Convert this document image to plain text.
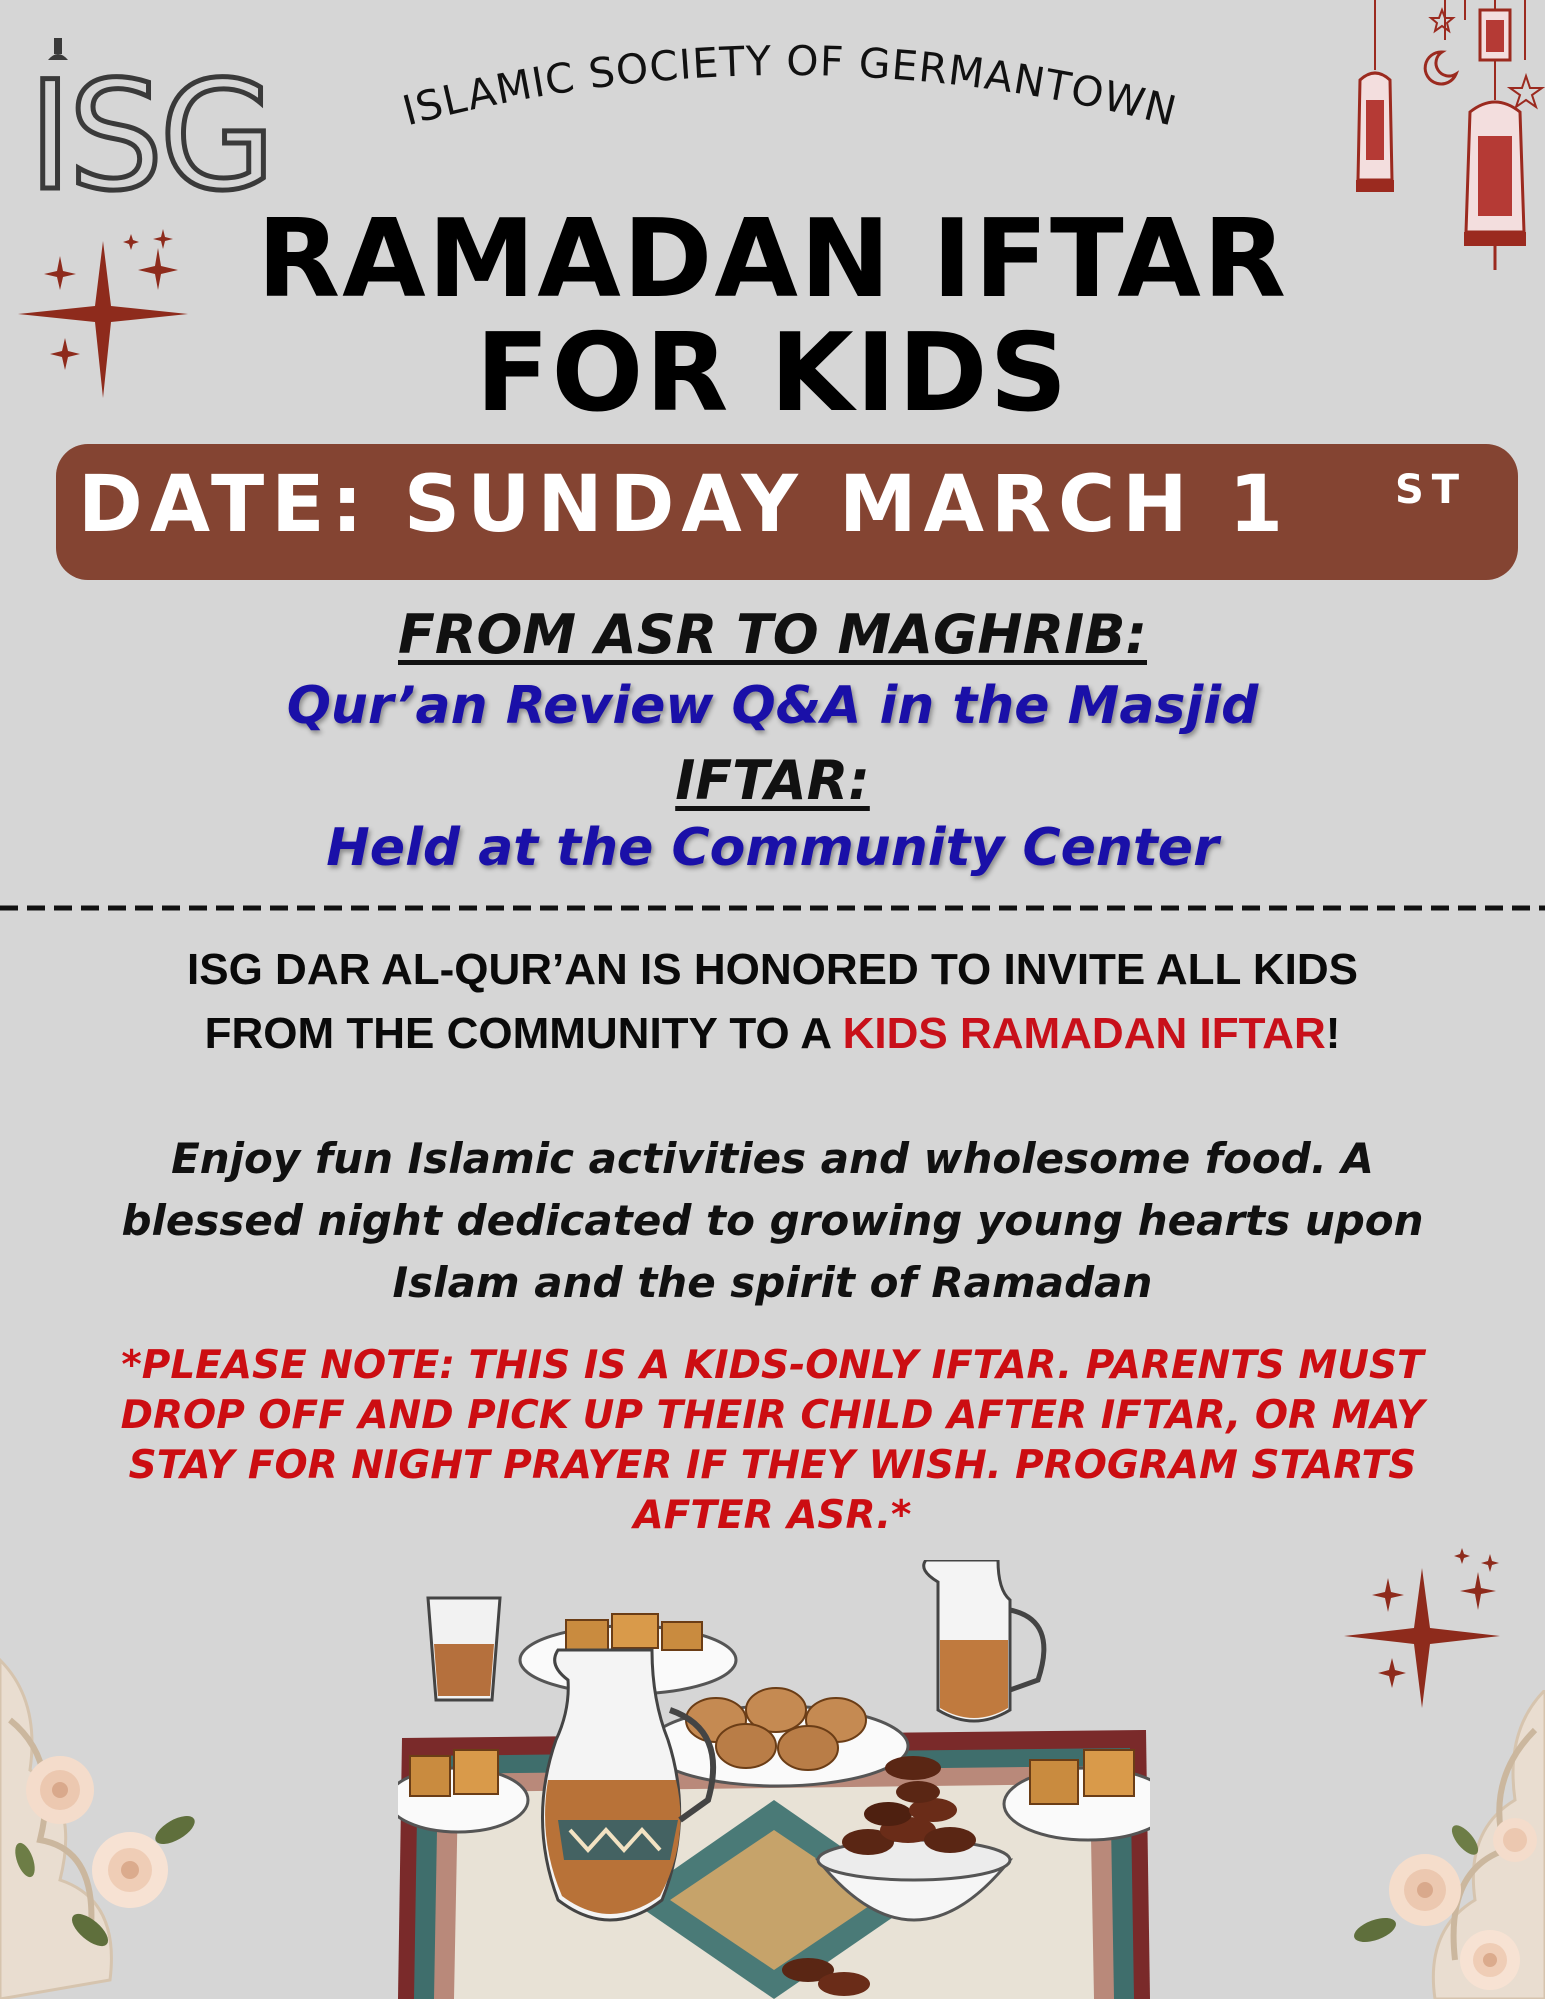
ISG	ISLAMIC SOCIETY OF GERMANTOWN
RAMADAN IFTAR
FOR KIDS
DATE: SUNDAY MARCH 1	ST
FROM ASR TO MAGHRIB:
Qur’an Review Q&A in the Masjid
IFTAR:
Held at the Community Center
ISG DAR AL-QUR’AN IS HONORED TO INVITE ALL KIDS
FROM THE COMMUNITY TO A KIDS RAMADAN IFTAR!
Enjoy fun Islamic activities and wholesome food. A
blessed night dedicated to growing young hearts upon
Islam and the spirit of Ramadan
*PLEASE NOTE: THIS IS A KIDS-ONLY IFTAR. PARENTS MUST
DROP OFF AND PICK UP THEIR CHILD AFTER IFTAR, OR MAY
STAY FOR NIGHT PRAYER IF THEY WISH. PROGRAM STARTS
AFTER ASR.*
